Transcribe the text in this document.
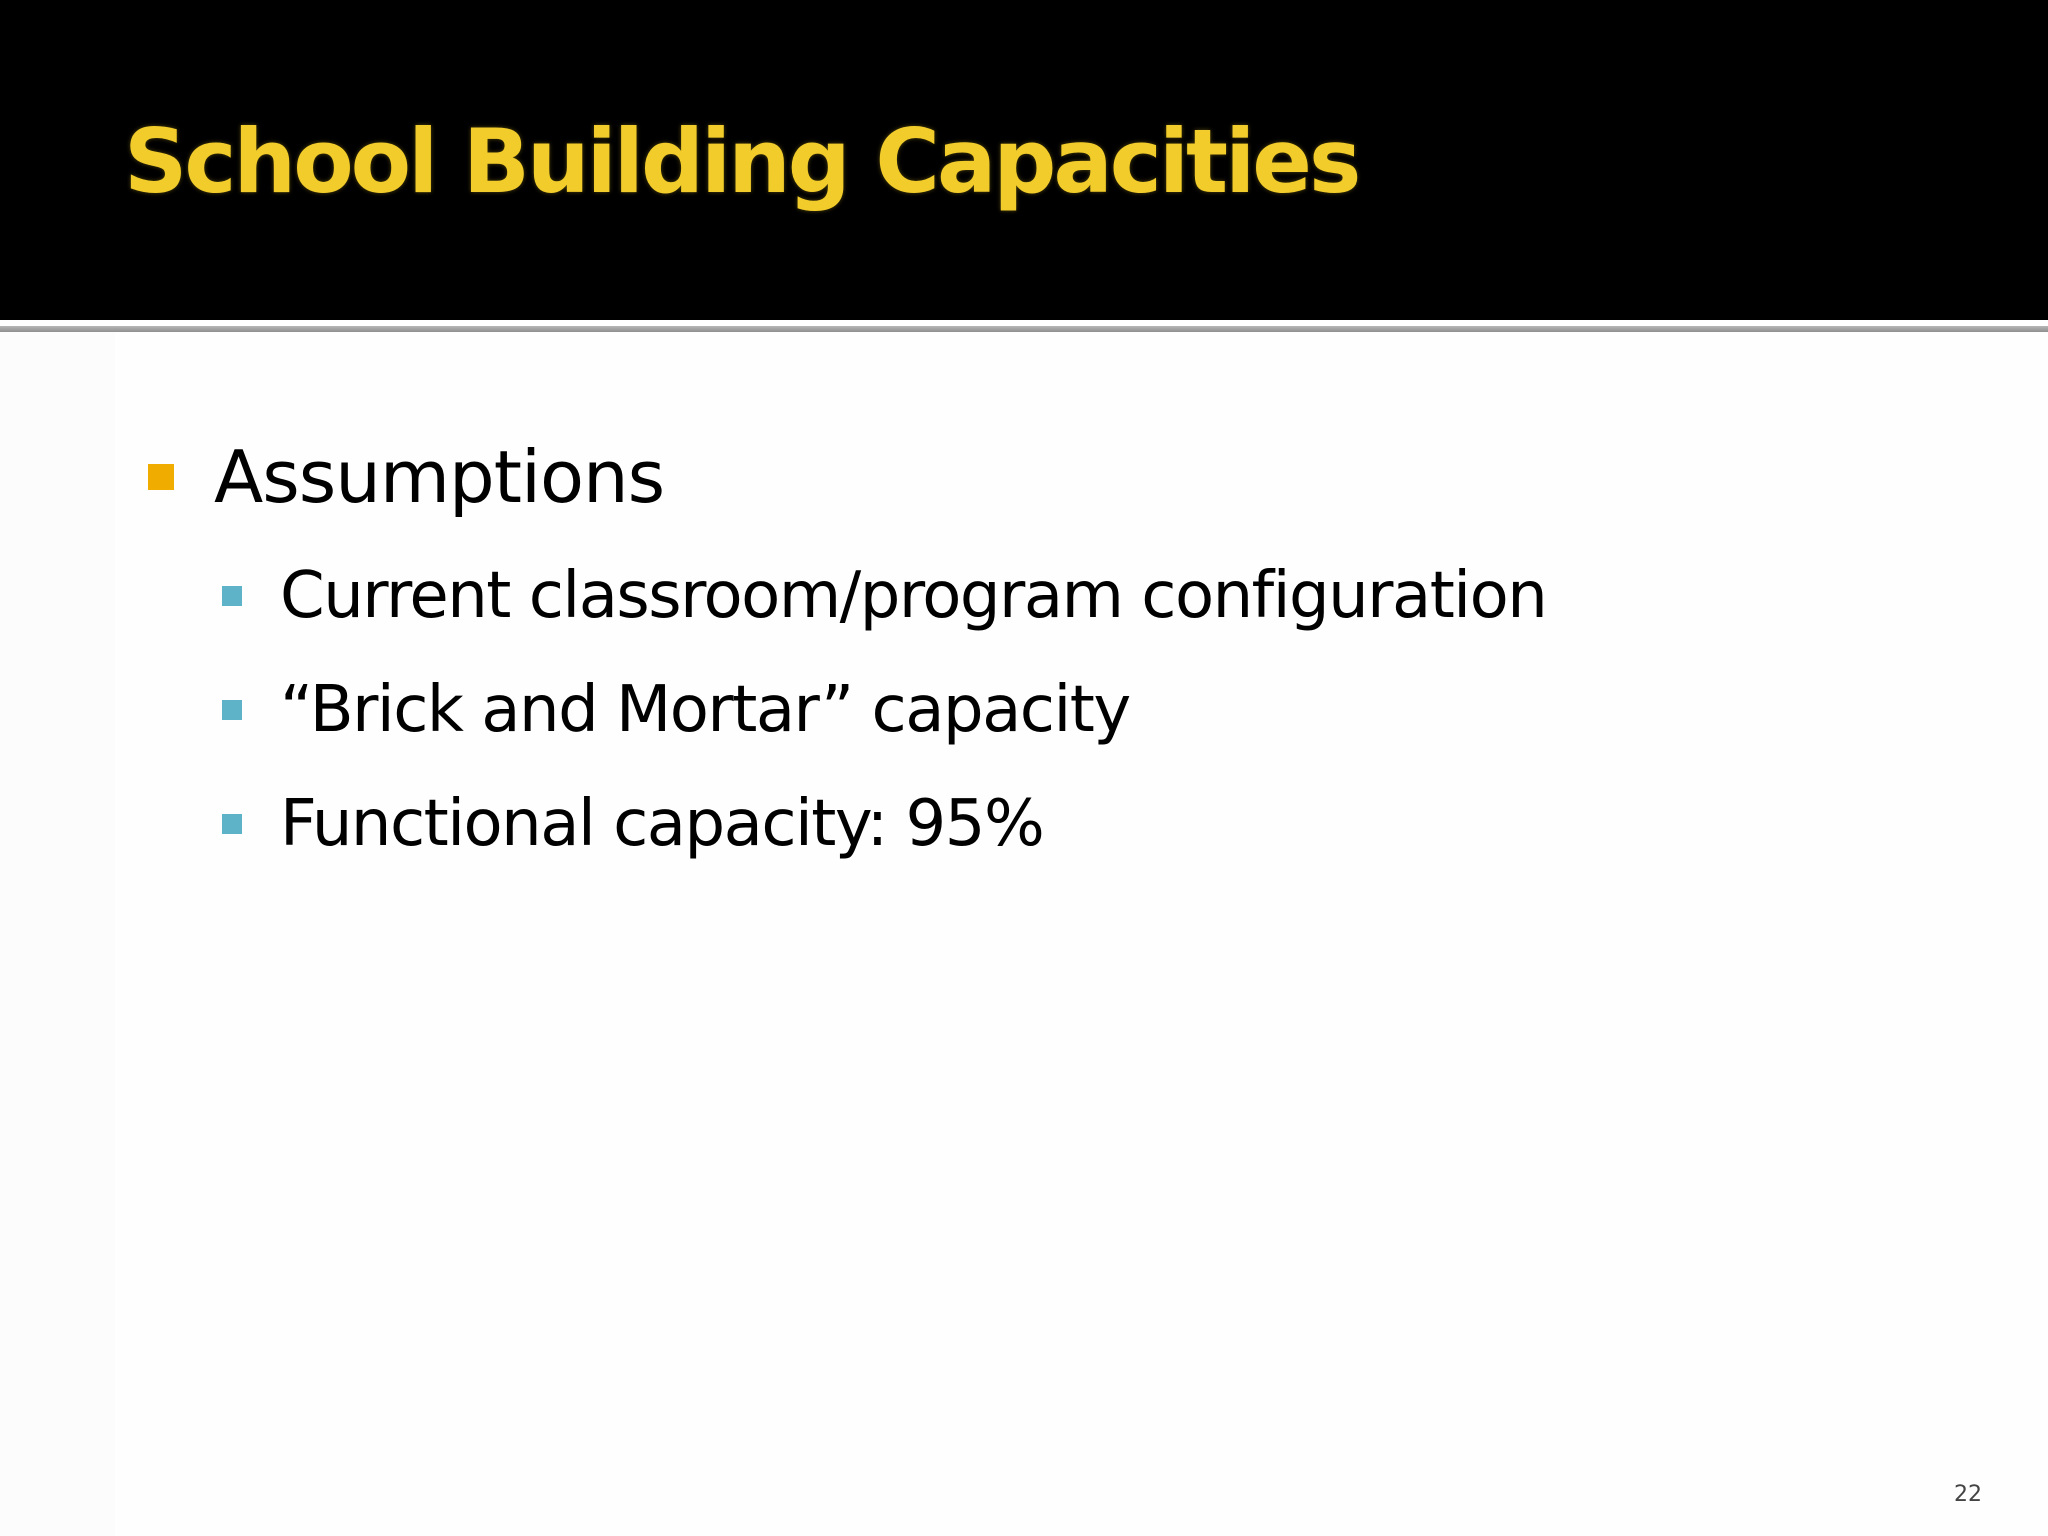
School Building Capacities
Assumptions
Current classroom/program configuration
“Brick and Mortar” capacity
Functional capacity: 95%
22
